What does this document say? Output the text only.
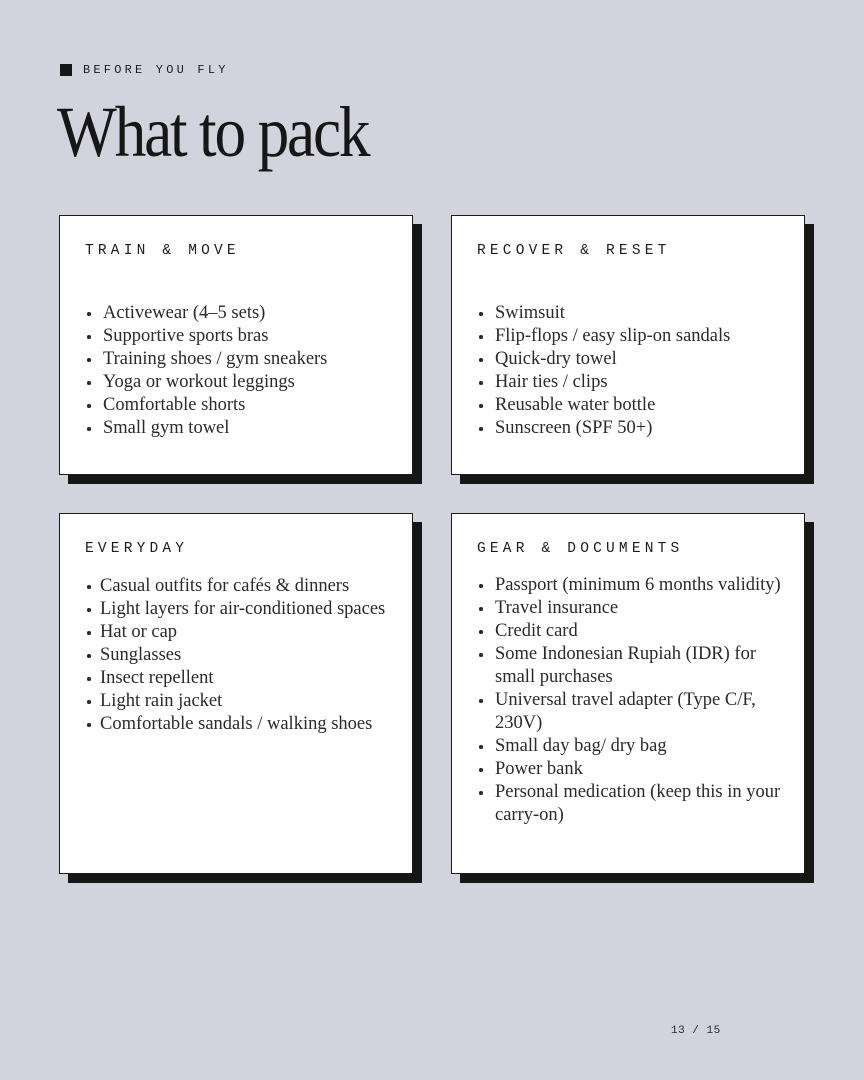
BEFORE YOU FLY
What to pack
TRAIN & MOVE
Activewear (4–5 sets)
Supportive sports bras
Training shoes / gym sneakers
Yoga or workout leggings
Comfortable shorts
Small gym towel
RECOVER & RESET
Swimsuit
Flip-flops / easy slip-on sandals
Quick-dry towel
Hair ties / clips
Reusable water bottle
Sunscreen (SPF 50+)
EVERYDAY
Casual outfits for cafés & dinners
Light layers for air-conditioned spaces
Hat or cap
Sunglasses
Insect repellent
Light rain jacket
Comfortable sandals / walking shoes
GEAR & DOCUMENTS
Passport (minimum 6 months validity)
Travel insurance
Credit card
Some Indonesian Rupiah (IDR) for small purchases
Universal travel adapter (Type C/F, 230V)
Small day bag/ dry bag
Power bank
Personal medication (keep this in your carry-on)
13 / 15
